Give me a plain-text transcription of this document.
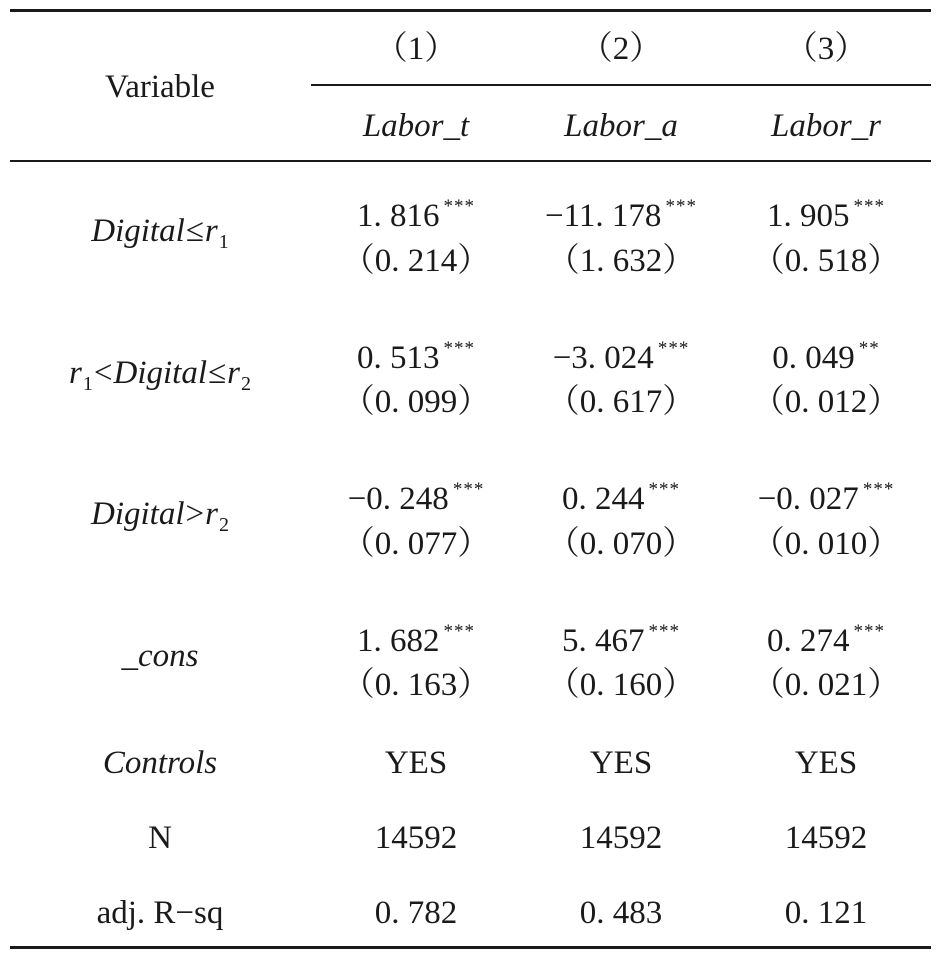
Variable
（1）	（2）	（3）
Labor_t	Labor_a	Labor_r
$Digital\le r_1$
1. 816 ***	−11. 178 ***	1. 905 ***
（0. 214）	（1. 632）	（0. 518）
$r_1<Digital\le r_2$
0. 513 ***	−3. 024 ***	0. 049 **
（0. 099）	（0. 617）	（0. 012）
$Digital>r_2$
−0. 248 ***	0. 244 ***	−0. 027 ***
（0. 077）	（0. 070）	（0. 010）
_cons	1. 682 ***	5. 467 ***	0. 274 ***
（0. 163）	（0. 160）	（0. 021）
Controls	YES	YES	YES
N	14592	14592	14592
adj. R−sq	0. 782	0. 483	0. 121
